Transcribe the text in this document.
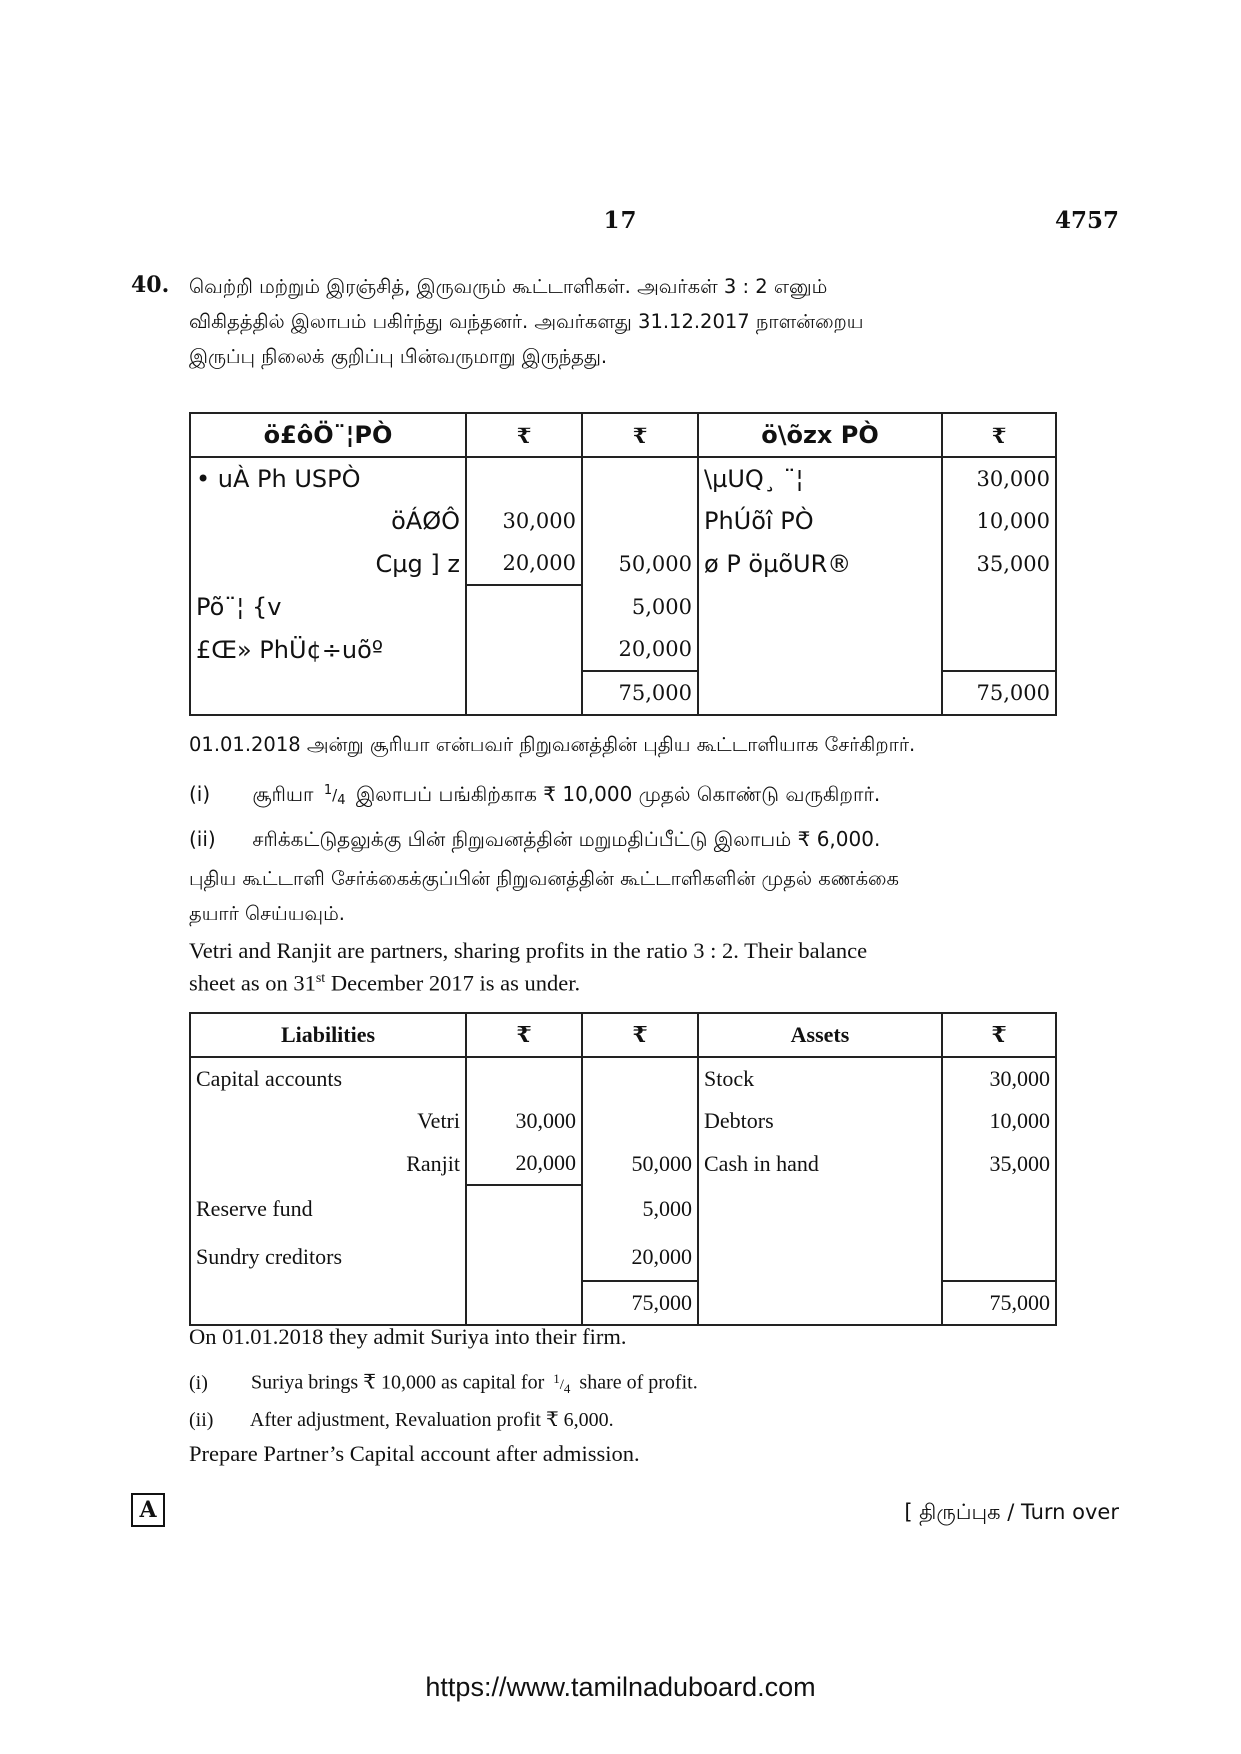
17	4757
40. வெற்றி மற்றும் இரஞ்சித், இருவரும் கூட்டாளிகள். அவர்கள் 3 : 2 எனும்
விகிதத்தில் இலாபம் பகிர்ந்து வந்தனர். அவர்களது 31.12.2017 நாளன்றைய
இருப்பு நிலைக் குறிப்பு பின்வருமாறு இருந்தது.
ö£ôÖ¨¦PÒ	₹	₹	ö\õzx PÒ	₹
• uÀ Ph USPÒ			\µUQ¸ ¨¦	30,000
öÁØÔ	30,000		PhÚõî PÒ	10,000
Cµg ] z	20,000	50,000	ø P öµõUR®	35,000
Põ¨¦ {v		5,000		
£Œ» PhÜ¢÷uõº		20,000		
		75,000		75,000
01.01.2018 அன்று சூரியா என்பவர் நிறுவனத்தின் புதிய கூட்டாளியாக சேர்கிறார்.
(i) சூரியா $^1/_4$ இலாபப் பங்கிற்காக ₹ 10,000 முதல் கொண்டு வருகிறார்.
(ii) சரிக்கட்டுதலுக்கு பின் நிறுவனத்தின் மறுமதிப்பீட்டு இலாபம் ₹ 6,000.
புதிய கூட்டாளி சேர்க்கைக்குப்பின் நிறுவனத்தின் கூட்டாளிகளின் முதல் கணக்கை
தயார் செய்யவும்.
Vetri and Ranjit are partners, sharing profits in the ratio 3 : 2. Their balance
sheet as on 31st December 2017 is as under.
Liabilities	₹	₹	Assets	₹
Capital accounts			Stock	30,000
Vetri	30,000		Debtors	10,000
Ranjit	20,000	50,000	Cash in hand	35,000
Reserve fund		5,000		
Sundry creditors		20,000		
		75,000		75,000
On 01.01.2018 they admit Suriya into their firm.
(i) Suriya brings ₹ 10,000 as capital for $^1/_4$ share of profit.
(ii) After adjustment, Revaluation profit ₹ 6,000.
Prepare Partner’s Capital account after admission.
A	[ திருப்புக / Turn over
https://www.tamilnaduboard.com
